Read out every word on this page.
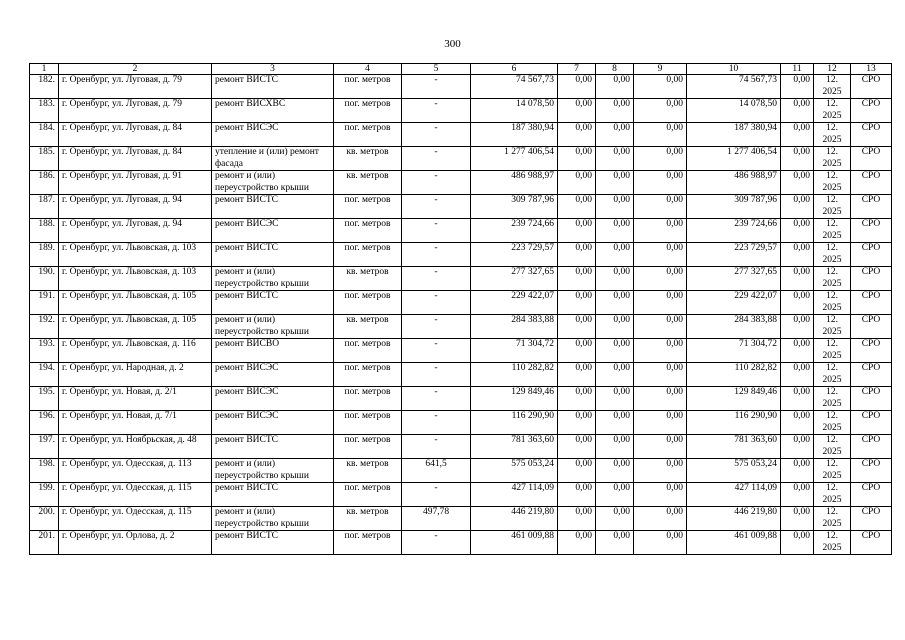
300
1	2	3	4	5	6	7	8	9	10	11	12	13
182.	г. Оренбург, ул. Луговая, д. 79	ремонт ВИСТС	пог. метров	-	74 567,73	0,00	0,00	0,00	74 567,73	0,00	12. 2025	СРО
183.	г. Оренбург, ул. Луговая, д. 79	ремонт ВИСХВС	пог. метров	-	14 078,50	0,00	0,00	0,00	14 078,50	0,00	12. 2025	СРО
184.	г. Оренбург, ул. Луговая, д. 84	ремонт ВИСЭС	пог. метров	-	187 380,94	0,00	0,00	0,00	187 380,94	0,00	12. 2025	СРО
185.	г. Оренбург, ул. Луговая, д. 84	утепление и (или) ремонт фасада	кв. метров	-	1 277 406,54	0,00	0,00	0,00	1 277 406,54	0,00	12. 2025	СРО
186.	г. Оренбург, ул. Луговая, д. 91	ремонт и (или) переустройство крыши	кв. метров	-	486 988,97	0,00	0,00	0,00	486 988,97	0,00	12. 2025	СРО
187.	г. Оренбург, ул. Луговая, д. 94	ремонт ВИСТС	пог. метров	-	309 787,96	0,00	0,00	0,00	309 787,96	0,00	12. 2025	СРО
188.	г. Оренбург, ул. Луговая, д. 94	ремонт ВИСЭС	пог. метров	-	239 724,66	0,00	0,00	0,00	239 724,66	0,00	12. 2025	СРО
189.	г. Оренбург, ул. Львовская, д. 103	ремонт ВИСТС	пог. метров	-	223 729,57	0,00	0,00	0,00	223 729,57	0,00	12. 2025	СРО
190.	г. Оренбург, ул. Львовская, д. 103	ремонт и (или) переустройство крыши	кв. метров	-	277 327,65	0,00	0,00	0,00	277 327,65	0,00	12. 2025	СРО
191.	г. Оренбург, ул. Львовская, д. 105	ремонт ВИСТС	пог. метров	-	229 422,07	0,00	0,00	0,00	229 422,07	0,00	12. 2025	СРО
192.	г. Оренбург, ул. Львовская, д. 105	ремонт и (или) переустройство крыши	кв. метров	-	284 383,88	0,00	0,00	0,00	284 383,88	0,00	12. 2025	СРО
193.	г. Оренбург, ул. Львовская, д. 116	ремонт ВИСВО	пог. метров	-	71 304,72	0,00	0,00	0,00	71 304,72	0,00	12. 2025	СРО
194.	г. Оренбург, ул. Народная, д. 2	ремонт ВИСЭС	пог. метров	-	110 282,82	0,00	0,00	0,00	110 282,82	0,00	12. 2025	СРО
195.	г. Оренбург, ул. Новая, д. 2/1	ремонт ВИСЭС	пог. метров	-	129 849,46	0,00	0,00	0,00	129 849,46	0,00	12. 2025	СРО
196.	г. Оренбург, ул. Новая, д. 7/1	ремонт ВИСЭС	пог. метров	-	116 290,90	0,00	0,00	0,00	116 290,90	0,00	12. 2025	СРО
197.	г. Оренбург, ул. Ноябрьская, д. 48	ремонт ВИСТС	пог. метров	-	781 363,60	0,00	0,00	0,00	781 363,60	0,00	12. 2025	СРО
198.	г. Оренбург, ул. Одесская, д. 113	ремонт и (или) переустройство крыши	кв. метров	641,5	575 053,24	0,00	0,00	0,00	575 053,24	0,00	12. 2025	СРО
199.	г. Оренбург, ул. Одесская, д. 115	ремонт ВИСТС	пог. метров	-	427 114,09	0,00	0,00	0,00	427 114,09	0,00	12. 2025	СРО
200.	г. Оренбург, ул. Одесская, д. 115	ремонт и (или) переустройство крыши	кв. метров	497,78	446 219,80	0,00	0,00	0,00	446 219,80	0,00	12. 2025	СРО
201.	г. Оренбург, ул. Орлова, д. 2	ремонт ВИСТС	пог. метров	-	461 009,88	0,00	0,00	0,00	461 009,88	0,00	12. 2025	СРО
